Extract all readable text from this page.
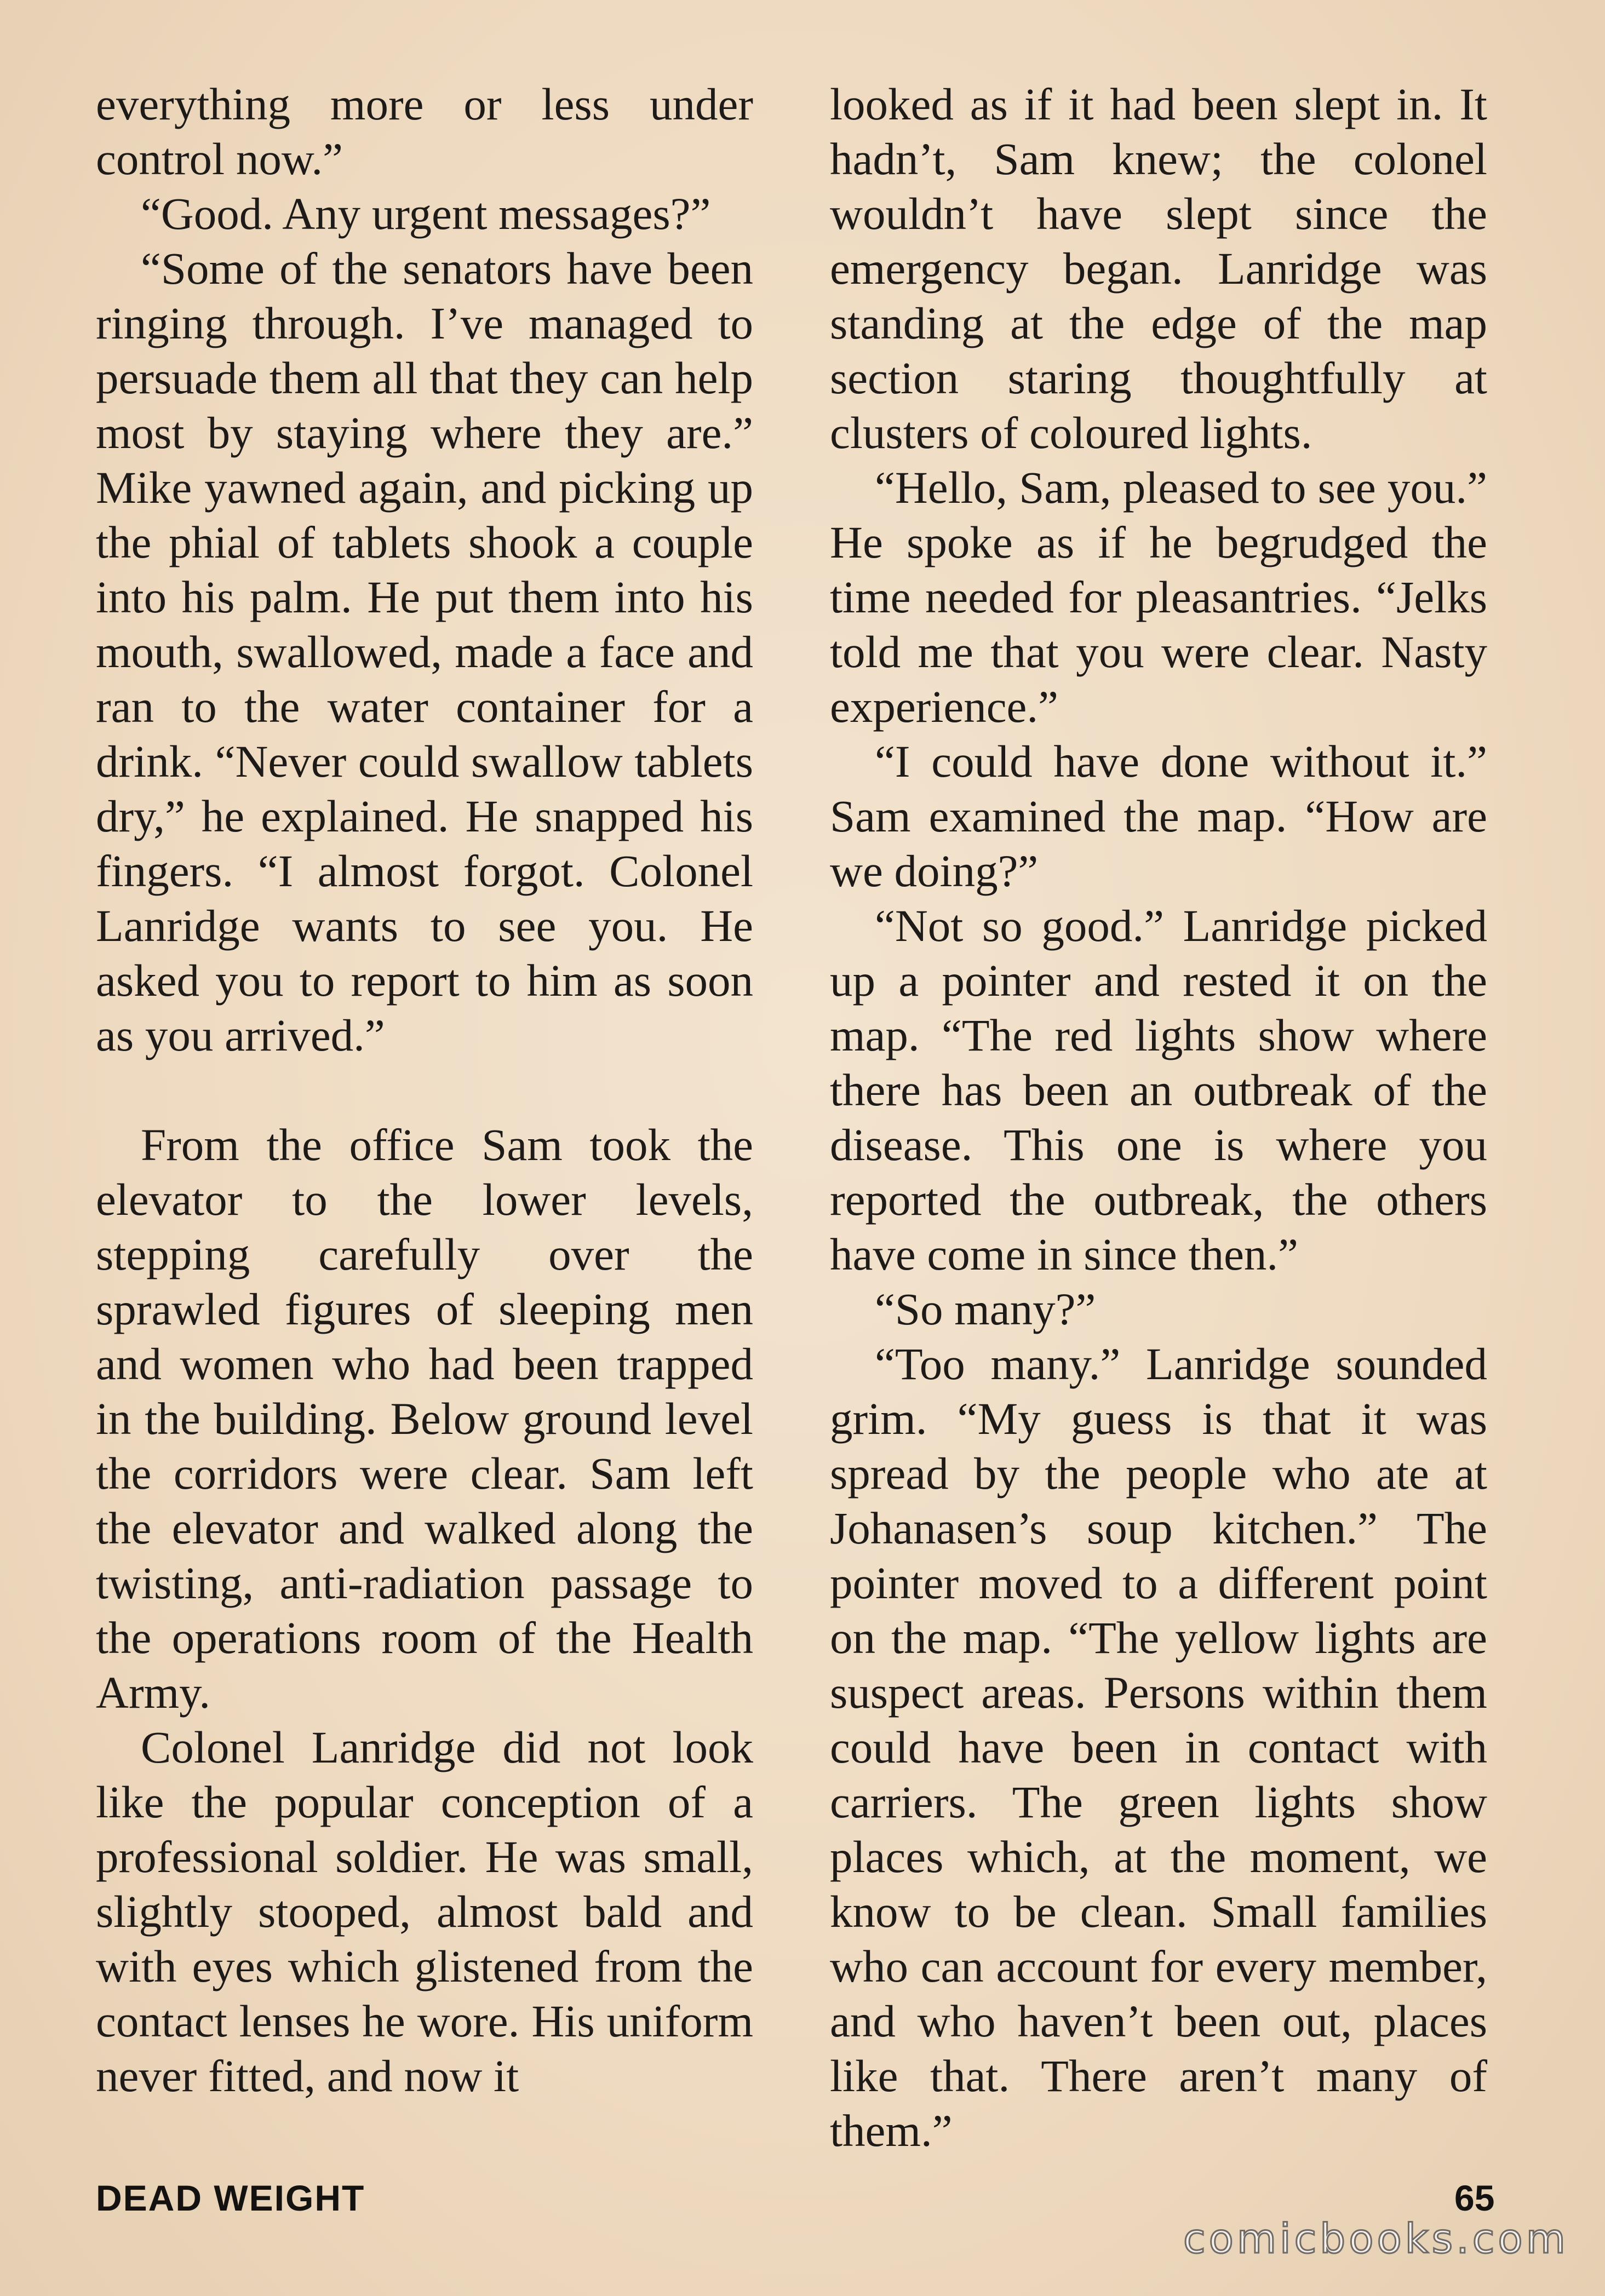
everything more or less under control now.”

“Good. Any urgent messages?”

“Some of the senators have been ringing through. I’ve managed to persuade them all that they can help most by staying where they are.” Mike yawned again, and picking up the phial of tablets shook a couple into his palm. He put them into his mouth, swallowed, made a face and ran to the water container for a drink. “Never could swallow tablets dry,” he explained. He snapped his fingers. “I almost forgot. Colonel Lanridge wants to see you. He asked you to report to him as soon as you arrived.”

From the office Sam took the elevator to the lower levels, stepping carefully over the sprawled figures of sleeping men and women who had been trapped in the building. Below ground level the corridors were clear. Sam left the elevator and walked along the twisting, anti-radiation passage to the operations room of the Health Army.

Colonel Lanridge did not look like the popular conception of a professional soldier. He was small, slightly stooped, almost bald and with eyes which glistened from the contact lenses he wore. His uniform never fitted, and now it

looked as if it had been slept in. It hadn’t, Sam knew; the colonel wouldn’t have slept since the emergency began. Lanridge was standing at the edge of the map section staring thoughtfully at clusters of coloured lights.

“Hello, Sam, pleased to see you.” He spoke as if he begrudged the time needed for pleasantries. “Jelks told me that you were clear. Nasty experience.”

“I could have done without it.” Sam examined the map. “How are we doing?”

“Not so good.” Lanridge picked up a pointer and rested it on the map. “The red lights show where there has been an outbreak of the disease. This one is where you reported the outbreak, the others have come in since then.”

“So many?”

“Too many.” Lanridge sounded grim. “My guess is that it was spread by the people who ate at Johanasen’s soup kitchen.” The pointer moved to a different point on the map. “The yellow lights are suspect areas. Persons within them could have been in contact with carriers. The green lights show places which, at the moment, we know to be clean. Small families who can account for every member, and who haven’t been out, places like that. There aren’t many of them.”

DEAD WEIGHT	65
comicbooks.com
